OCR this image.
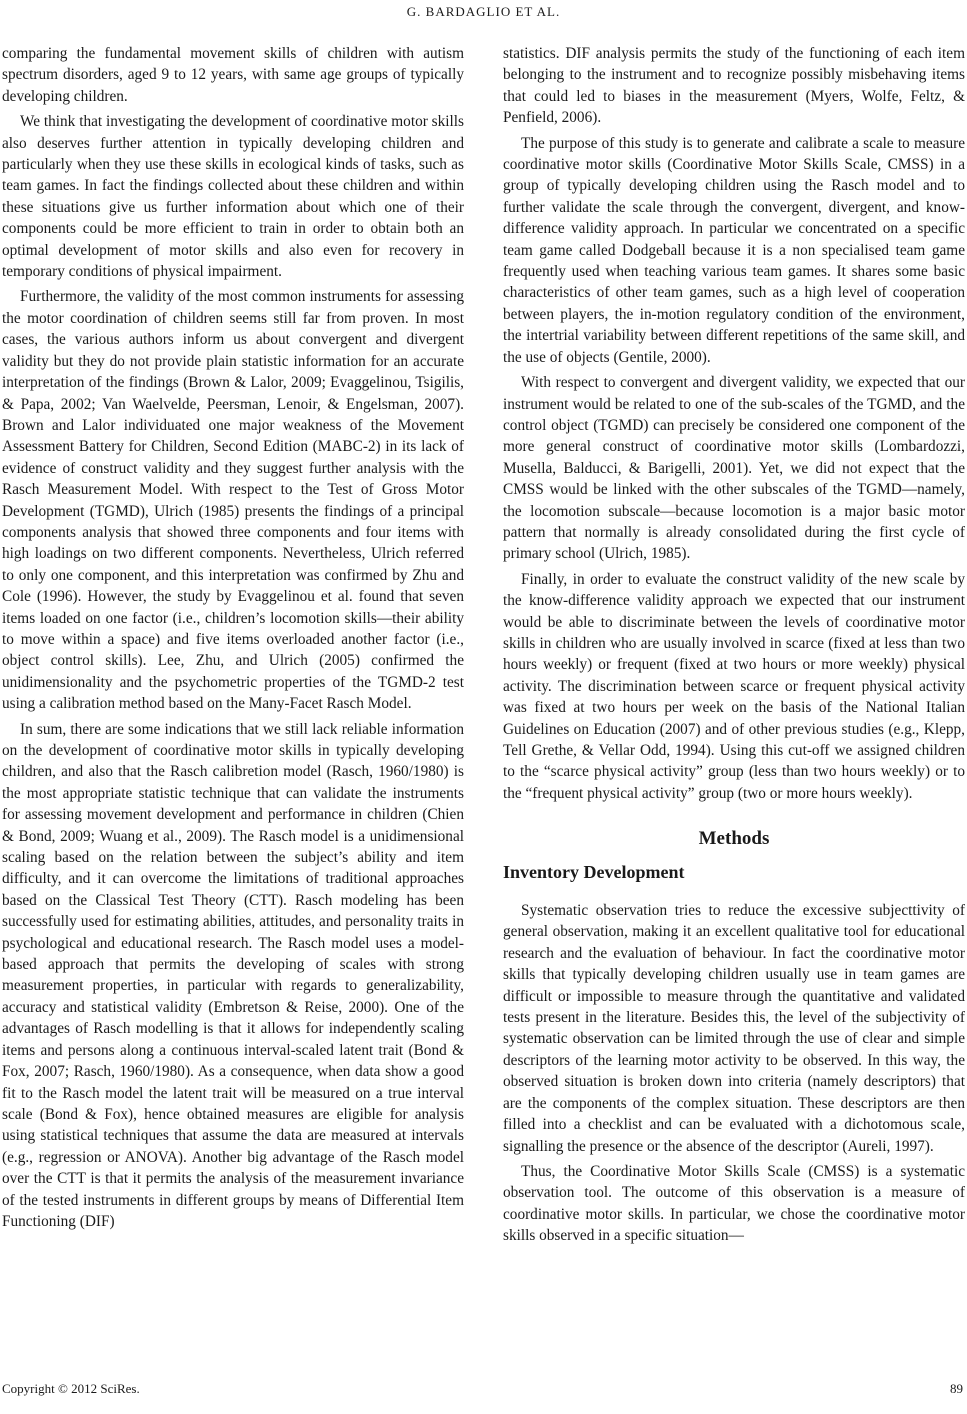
G. BARDAGLIO ET AL.

comparing the fundamental movement skills of children with autism spectrum disorders, aged 9 to 12 years, with same age groups of typically developing children.

We think that investigating the development of coordinative motor skills also deserves further attention in typically developing children and particularly when they use these skills in ecological kinds of tasks, such as team games. In fact the findings collected about these children and within these situations give us further information about which one of their components could be more efficient to train in order to obtain both an optimal development of motor skills and also even for recovery in temporary conditions of physical impairment.

Furthermore, the validity of the most common instruments for assessing the motor coordination of children seems still far from proven. In most cases, the various authors inform us about convergent and divergent validity but they do not provide plain statistic information for an accurate interpretation of the findings (Brown & Lalor, 2009; Evaggelinou, Tsigilis, & Papa, 2002; Van Waelvelde, Peersman, Lenoir, & Engelsman, 2007). Brown and Lalor individuated one major weakness of the Movement Assessment Battery for Children, Second Edition (MABC-2) in its lack of evidence of construct validity and they suggest further analysis with the Rasch Measurement Model. With respect to the Test of Gross Motor Development (TGMD), Ulrich (1985) presents the findings of a principal components analysis that showed three components and four items with high loadings on two different components. Nevertheless, Ulrich referred to only one component, and this interpretation was confirmed by Zhu and Cole (1996). However, the study by Evaggelinou et al. found that seven items loaded on one factor (i.e., children’s locomotion skills—their ability to move within a space) and five items overloaded another factor (i.e., object control skills). Lee, Zhu, and Ulrich (2005) confirmed the unidimensionality and the psychometric properties of the TGMD-2 test using a calibration method based on the Many-Facet Rasch Model.

In sum, there are some indications that we still lack reliable information on the development of coordinative motor skills in typically developing children, and also that the Rasch calibretion model (Rasch, 1960/1980) is the most appropriate statistic technique that can validate the instruments for assessing movement development and performance in children (Chien & Bond, 2009; Wuang et al., 2009). The Rasch model is a unidimensional scaling based on the relation between the subject’s ability and item difficulty, and it can overcome the limitations of traditional approaches based on the Classical Test Theory (CTT). Rasch modeling has been successfully used for estimating abilities, attitudes, and personality traits in psychological and educational research. The Rasch model uses a model-based approach that permits the developing of scales with strong measurement properties, in particular with regards to generalizability, accuracy and statistical validity (Embretson & Reise, 2000). One of the advantages of Rasch modelling is that it allows for independently scaling items and persons along a continuous interval-scaled latent trait (Bond & Fox, 2007; Rasch, 1960/1980). As a consequence, when data show a good fit to the Rasch model the latent trait will be measured on a true interval scale (Bond & Fox), hence obtained measures are eligible for analysis using statistical techniques that assume the data are measured at intervals (e.g., regression or ANOVA). Another big advantage of the Rasch model over the CTT is that it permits the analysis of the measurement invariance of the tested instruments in different groups by means of Differential Item Functioning (DIF)

statistics. DIF analysis permits the study of the functioning of each item belonging to the instrument and to recognize possibly misbehaving items that could led to biases in the measurement (Myers, Wolfe, Feltz, & Penfield, 2006).

The purpose of this study is to generate and calibrate a scale to measure coordinative motor skills (Coordinative Motor Skills Scale, CMSS) in a group of typically developing children using the Rasch model and to further validate the scale through the convergent, divergent, and know-difference validity approach. In particular we concentrated on a specific team game called Dodgeball because it is a non specialised team game frequently used when teaching various team games. It shares some basic characteristics of other team games, such as a high level of cooperation between players, the in-motion regulatory condition of the environment, the intertrial variability between different repetitions of the same skill, and the use of objects (Gentile, 2000).

With respect to convergent and divergent validity, we expected that our instrument would be related to one of the sub-scales of the TGMD, and the control object (TGMD) can precisely be considered one component of the more general construct of coordinative motor skills (Lombardozzi, Musella, Balducci, & Barigelli, 2001). Yet, we did not expect that the CMSS would be linked with the other subscales of the TGMD—namely, the locomotion subscale—because locomotion is a major basic motor pattern that normally is already consolidated during the first cycle of primary school (Ulrich, 1985).

Finally, in order to evaluate the construct validity of the new scale by the know-difference validity approach we expected that our instrument would be able to discriminate between the levels of coordinative motor skills in children who are usually involved in scarce (fixed at less than two hours weekly) or frequent (fixed at two hours or more weekly) physical activity. The discrimination between scarce or frequent physical activity was fixed at two hours per week on the basis of the National Italian Guidelines on Education (2007) and of other previous studies (e.g., Klepp, Tell Grethe, & Vellar Odd, 1994). Using this cut-off we assigned children to the “scarce physical activity” group (less than two hours weekly) or to the “frequent physical activity” group (two or more hours weekly).

Methods
Inventory Development

Systematic observation tries to reduce the excessive subjecttivity of general observation, making it an excellent qualitative tool for educational research and the evaluation of behaviour. In fact the coordinative motor skills that typically developing children usually use in team games are difficult or impossible to measure through the quantitative and validated tests present in the literature. Besides this, the level of the subjectivity of systematic observation can be limited through the use of clear and simple descriptors of the learning motor activity to be observed. In this way, the observed situation is broken down into criteria (namely descriptors) that are the components of the complex situation. These descriptors are then filled into a checklist and can be evaluated with a dichotomous scale, signalling the presence or the absence of the descriptor (Aureli, 1997).

Thus, the Coordinative Motor Skills Scale (CMSS) is a systematic observation tool. The outcome of this observation is a measure of coordinative motor skills. In particular, we chose the coordinative motor skills observed in a specific situation—

Copyright © 2012 SciRes.	89
